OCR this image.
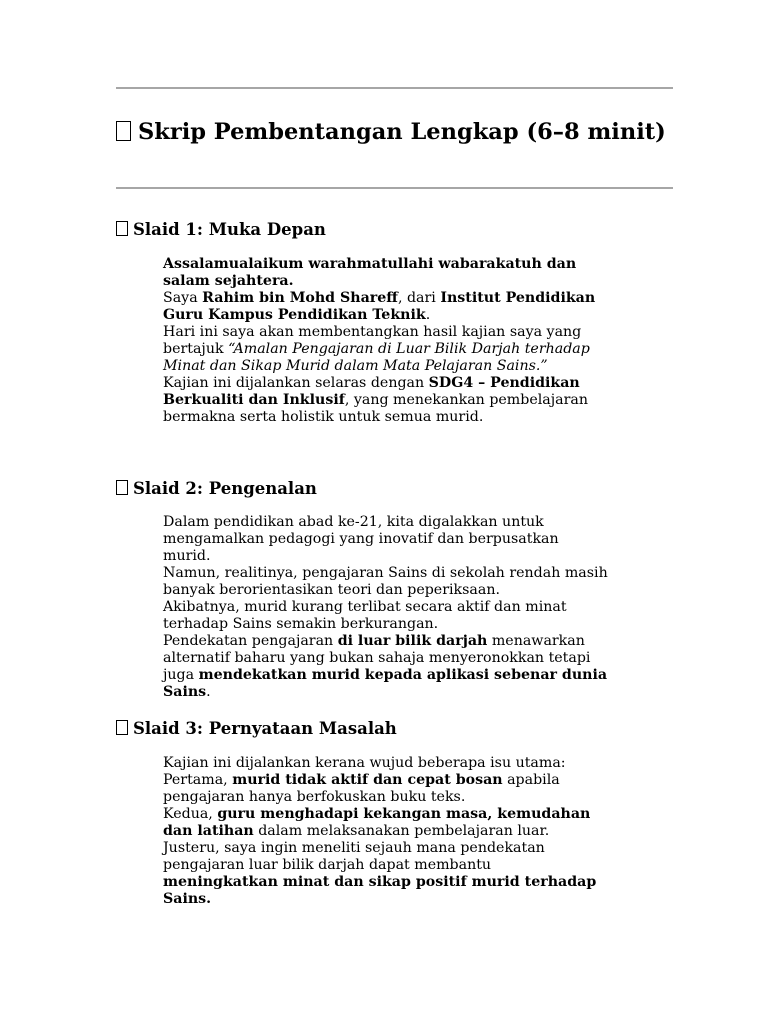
Skrip Pembentangan Lengkap (6–8 minit)
Slaid 1: Muka Depan

Assalamualaikum warahmatullahi wabarakatuh dan salam sejahtera.

Saya Rahim bin Mohd Shareff, dari Institut Pendidikan Guru Kampus Pendidikan Teknik.

Hari ini saya akan membentangkan hasil kajian saya yang bertajuk “Amalan Pengajaran di Luar Bilik Darjah terhadap Minat dan Sikap Murid dalam Mata Pelajaran Sains.”

Kajian ini dijalankan selaras dengan SDG4 – Pendidikan Berkualiti dan Inklusif, yang menekankan pembelajaran bermakna serta holistik untuk semua murid.

Slaid 2: Pengenalan

Dalam pendidikan abad ke-21, kita digalakkan untuk mengamalkan pedagogi yang inovatif dan berpusatkan murid.

Namun, realitinya, pengajaran Sains di sekolah rendah masih banyak berorientasikan teori dan peperiksaan.

Akibatnya, murid kurang terlibat secara aktif dan minat terhadap Sains semakin berkurangan.

Pendekatan pengajaran di luar bilik darjah menawarkan alternatif baharu yang bukan sahaja menyeronokkan tetapi juga mendekatkan murid kepada aplikasi sebenar dunia Sains.

Slaid 3: Pernyataan Masalah

Kajian ini dijalankan kerana wujud beberapa isu utama:

Pertama, murid tidak aktif dan cepat bosan apabila pengajaran hanya berfokuskan buku teks.

Kedua, guru menghadapi kekangan masa, kemudahan dan latihan dalam melaksanakan pembelajaran luar.

Justeru, saya ingin meneliti sejauh mana pendekatan pengajaran luar bilik darjah dapat membantu meningkatkan minat dan sikap positif murid terhadap Sains.
